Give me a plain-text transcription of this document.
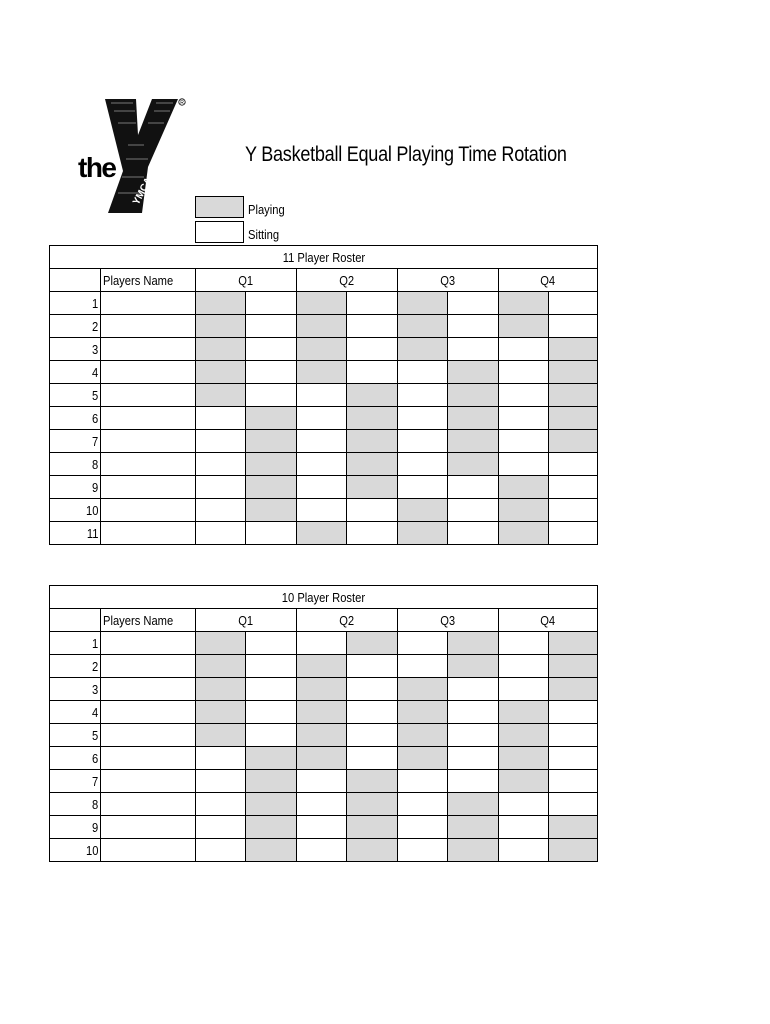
the
YMCA
R
Y Basketball Equal Playing Time Rotation
Playing
Sitting
11 Player Roster									
	Players Name	Q1		Q2		Q3		Q4	
1									
2									
3									
4									
5									
6									
7									
8									
9									
10									
11									
10 Player Roster									
	Players Name	Q1		Q2		Q3		Q4	
1									
2									
3									
4									
5									
6									
7									
8									
9									
10									
